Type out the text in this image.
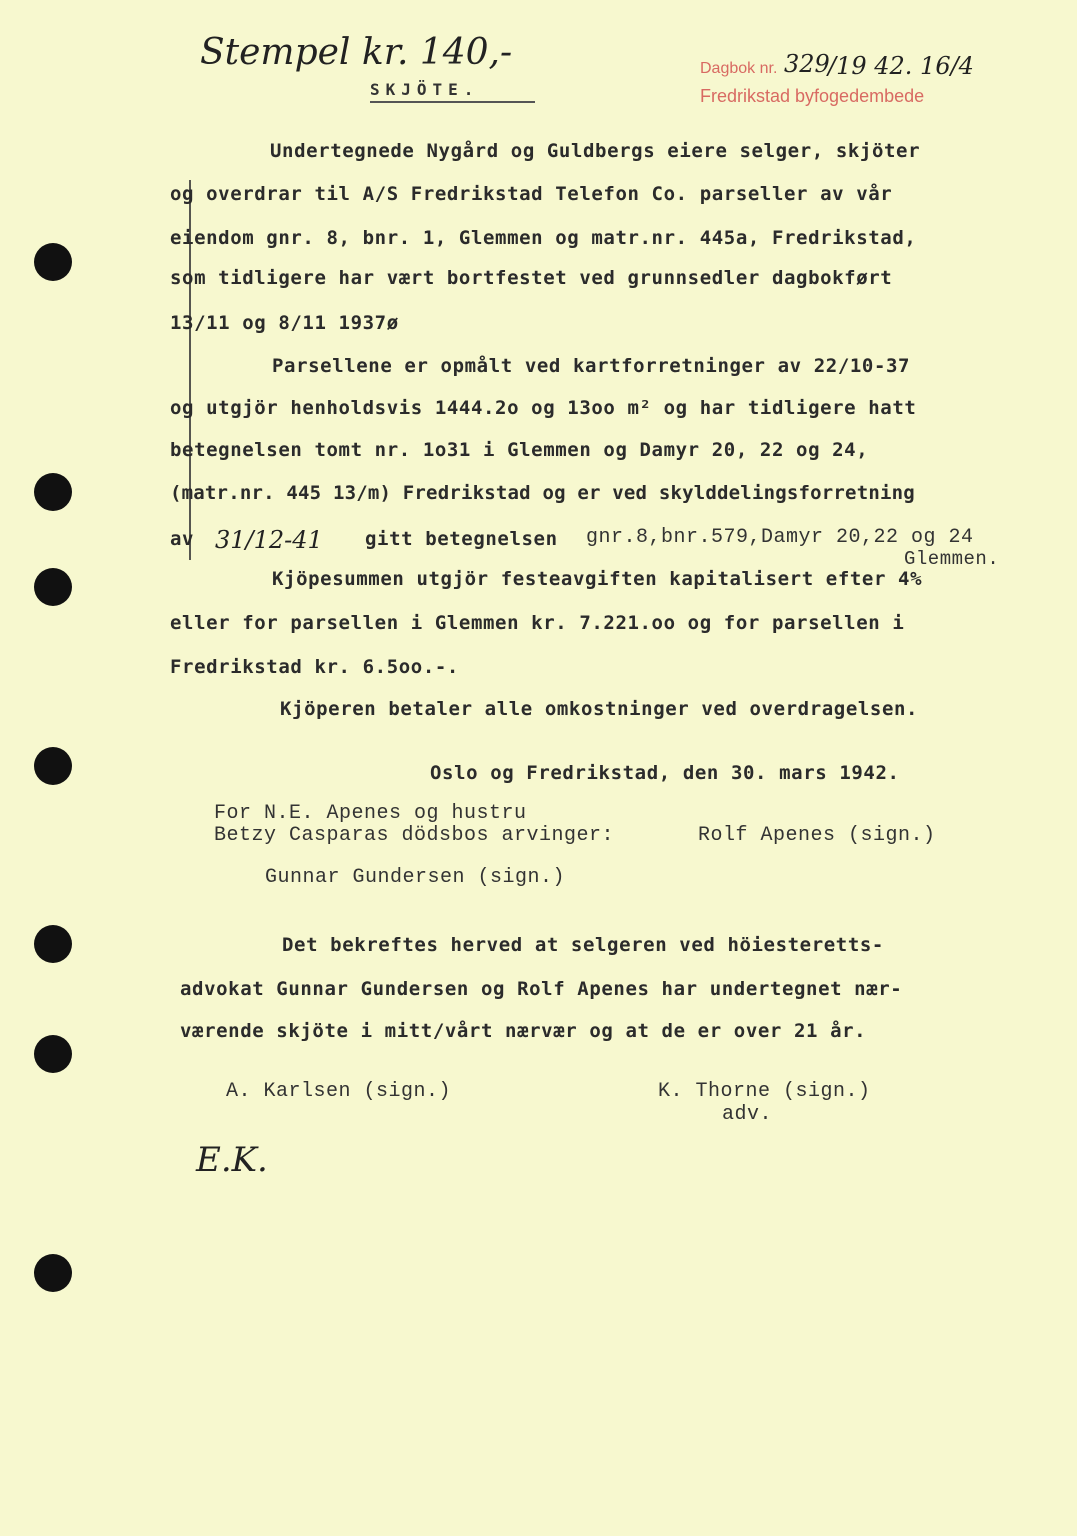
Stempel kr. 140,-
SKJÖTE.
Dagbok nr. 329
/19 42. 16/4
Fredrikstad byfogedembede
Undertegnede Nygård og Guldbergs eiere selger, skjöter
og overdrar til A/S Fredrikstad Telefon Co. parseller av vår
eiendom gnr. 8, bnr. 1, Glemmen og matr.nr. 445a, Fredrikstad,
som tidligere har vært bortfestet ved grunnsedler dagbokført
13/11 og 8/11 1937ø
Parsellene er opmålt ved kartforretninger av 22/10-37
og utgjör henholdsvis 1444.2o og 13oo m² og har tidligere hatt
betegnelsen tomt nr. 1o31 i Glemmen og Damyr 20, 22 og 24,
(matr.nr. 445 13/m) Fredrikstad og er ved skylddelingsforretning
av 31/12-41 gitt betegnelsen gnr.8,bnr.579,Damyr 20,22 og 24
Glemmen.
Kjöpesummen utgjör festeavgiften kapitalisert efter 4%
eller for parsellen i Glemmen kr. 7.221.oo og for parsellen i
Fredrikstad kr. 6.5oo.-.
Kjöperen betaler alle omkostninger ved overdragelsen.
Oslo og Fredrikstad, den 30. mars 1942.
For N.E. Apenes og hustru
Betzy Casparas dödsbos arvinger:	Rolf Apenes (sign.)
Gunnar Gundersen (sign.)
Det bekreftes herved at selgeren ved höiesteretts-
advokat Gunnar Gundersen og Rolf Apenes har undertegnet nær-
værende skjöte i mitt/vårt nærvær og at de er over 21 år.
A. Karlsen (sign.)	K. Thorne (sign.)
adv.
E.K.
